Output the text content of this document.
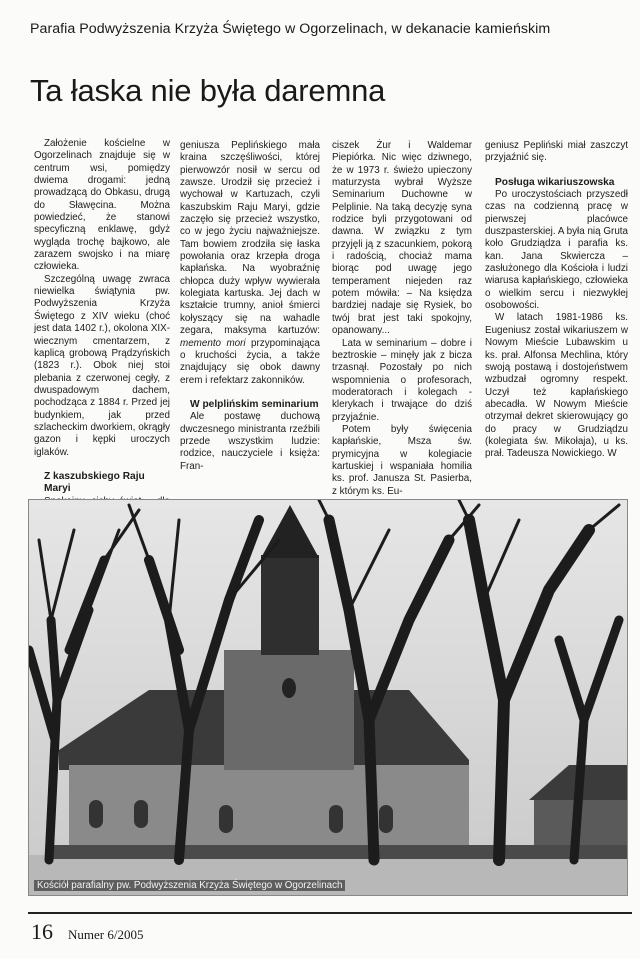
Parafia Podwyższenia Krzyża Świętego w Ogorzelinach, w dekanacie kamieńskim
Ta łaska nie była daremna

Założenie kościelne w Ogorzelinach znajduje się w centrum wsi, pomiędzy dwiema drogami: jedną prowadzącą do Obkasu, drugą do Sławęcina. Można powiedzieć, że stanowi specyficzną enklawę, gdyż wygląda trochę bajkowo, ale zarazem swojsko i na miarę człowieka.

Szczególną uwagę zwraca niewielka świątynia pw. Podwyższenia Krzyża Świętego z XIV wieku (choć jest data 1402 r.), okolona XIX-wiecznym cmentarzem, z kaplicą grobową Prądzyńskich (1823 r.). Obok niej stoi plebania z czerwonej cegły, z dwuspadowym dachem, pochodząca z 1884 r. Przed jej budynkiem, jak przed szlacheckim dworkiem, okrągły gazon i kępki uroczych iglaków.

Z kaszubskiego Raju Maryi

geniusza Peplińskiego mała kraina szczęśliwości, której pierwowzór nosił w sercu od zawsze. Urodził się przecież i wychował w Kartuzach, czyli kaszubskim Raju Maryi, gdzie zaczęło się przecież wszystko, co w jego życiu najważniejsze. Tam bowiem zrodziła się łaska powołania oraz krzepła droga kapłańska. Na wyobraźnię chłopca duży wpływ wywierała kolegiata kartuska. Jej dach w kształcie trumny, anioł śmierci kołyszący się na wahadle zegara, maksyma kartuzów: memento mori przypominająca o kruchości życia, a także znajdujący się obok dawny erem i refektarz zakonników.

W pelplińskim seminarium

Ale postawę duchową dwczesnego ministranta rzeźbili przede wszystkim ludzie: rodzice, nauczyciele i księża: Fran-

ciszek Żur i Waldemar Piepiórka. Nic więc dziwnego, że w 1973 r. świeżo upieczony maturzysta wybrał Wyższe Seminarium Duchowne w Pelplinie. Na taką decyzję syna rodzice byli przygotowani od dawna. W związku z tym przyjęli ją z szacunkiem, pokorą i radością, chociaż mama biorąc pod uwagę jego temperament niejeden raz potem mówiła: – Na księdza bardziej nadaje się Rysiek, bo twój brat jest taki spokojny, opanowany...

Lata w seminarium – dobre i beztroskie – minęły jak z bicza trzasnął. Pozostały po nich wspomnienia o profesorach, moderatorach i kolegach - klerykach i trwające do dziś przyjaźnie.

Potem były święcenia kapłańskie, Msza św. prymicyjna w kolegiacie kartuskiej i wspaniała homilia ks. prof. Janusza St. Pasierba, z którym ks. Eu-

geniusz Pepliński miał zaszczyt przyjaźnić się.

Posługa wikariuszowska

Po uroczystościach przyszedł czas na codzienną pracę w pierwszej placówce duszpasterskiej. A była nią Gruta koło Grudziądza i parafia ks. kan. Jana Skwiercza – zasłużonego dla Kościoła i ludzi wiarusa kapłańskiego, człowieka o wielkim sercu i niezwykłej osobowości.

W latach 1981-1986 ks. Eugeniusz został wikariuszem w Nowym Mieście Lubawskim u ks. prał. Alfonsa Mechlina, który swoją postawą i dostojeństwem wzbudzał ogromny respekt. Uczył też kapłańskiego abecadła. W Nowym Mieście otrzymał dekret skierowujący go do pracy w Grudziądzu (kolegiata św. Mikołaja), u ks. prał. Tadeusza Nowickiego. W

Kościół parafialny pw. Podwyższenia Krzyża Świętego w Ogorzelinach
16 Numer 6/2005
